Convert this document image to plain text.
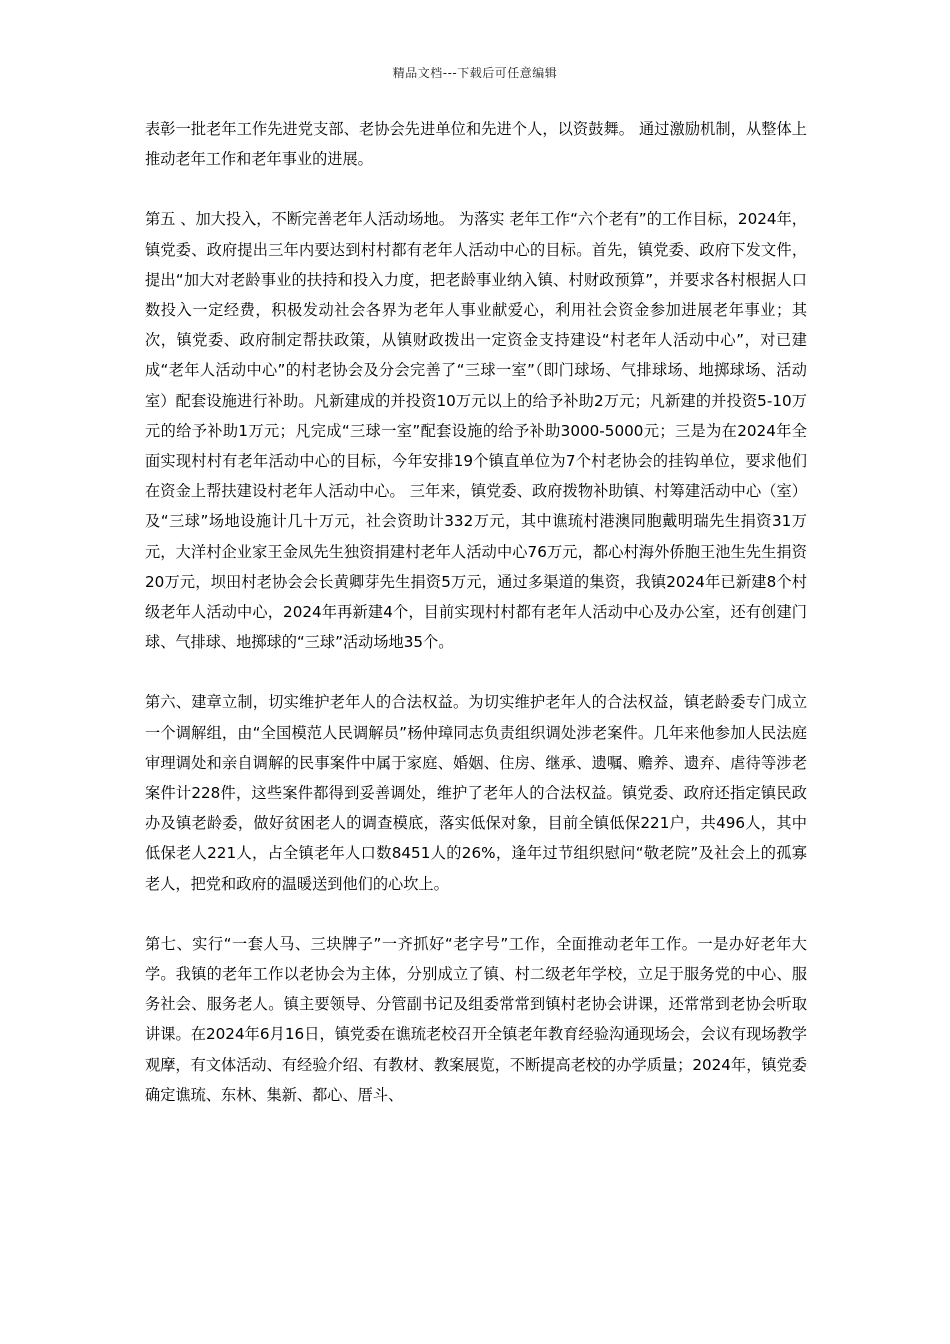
精品文档---下载后可任意编辑

表彰一批老年工作先进党支部、老协会先进单位和先进个人，以资鼓舞。 通过激励机制，从整体上推动老年工作和老年事业的进展。

第五 、加大投入，不断完善老年人活动场地。 为落实 老年工作“六个老有”的工作目标，2024年，镇党委、政府提出三年内要达到村村都有老年人活动中心的目标。首先，镇党委、政府下发文件，提出“加大对老龄事业的扶持和投入力度，把老龄事业纳入镇、村财政预算”，并要求各村根据人口数投入一定经费，积极发动社会各界为老年人事业献爱心，利用社会资金参加进展老年事业；其次，镇党委、政府制定帮扶政策，从镇财政拨出一定资金支持建设“村老年人活动中心”，对已建成“老年人活动中心”的村老协会及分会完善了“三球一室”（即门球场、气排球场、地掷球场、活动室）配套设施进行补助。凡新建成的并投资10万元以上的给予补助2万元；凡新建的并投资5-10万元的给予补助1万元；凡完成“三球一室”配套设施的给予补助3000-5000元；三是为在2024年全面实现村村有老年活动中心的目标，今年安排19个镇直单位为7个村老协会的挂钩单位，要求他们在资金上帮扶建设村老年人活动中心。 三年来，镇党委、政府拨物补助镇、村筹建活动中心（室）及“三球”场地设施计几十万元，社会资助计332万元，其中谯琉村港澳同胞戴明瑞先生捐资31万元，大洋村企业家王金凤先生独资捐建村老年人活动中心76万元，都心村海外侨胞王池生先生捐资20万元，坝田村老协会会长黄卿芽先生捐资5万元，通过多渠道的集资，我镇2024年已新建8个村级老年人活动中心，2024年再新建4个，目前实现村村都有老年人活动中心及办公室，还有创建门球、气排球、地掷球的“三球”活动场地35个。

第六、建章立制，切实维护老年人的合法权益。为切实维护老年人的合法权益，镇老龄委专门成立一个调解组，由“全国模范人民调解员”杨仲璋同志负责组织调处涉老案件。几年来他参加人民法庭审理调处和亲自调解的民事案件中属于家庭、婚姻、住房、继承、遗嘱、赡养、遗弃、虐待等涉老案件计228件，这些案件都得到妥善调处，维护了老年人的合法权益。镇党委、政府还指定镇民政办及镇老龄委，做好贫困老人的调查模底，落实低保对象，目前全镇低保221户，共496人，其中低保老人221人，占全镇老年人口数8451人的26%，逢年过节组织慰问“敬老院”及社会上的孤寡老人，把党和政府的温暖送到他们的心坎上。

第七、实行“一套人马、三块牌子”一齐抓好“老字号”工作，全面推动老年工作。一是办好老年大学。我镇的老年工作以老协会为主体，分别成立了镇、村二级老年学校，立足于服务党的中心、服务社会、服务老人。镇主要领导、分管副书记及组委常常到镇村老协会讲课，还常常到老协会听取讲课。在2024年6月16日，镇党委在谯琉老校召开全镇老年教育经验沟通现场会，会议有现场教学观摩，有文体活动、有经验介绍、有教材、教案展览，不断提高老校的办学质量；2024年，镇党委确定谯琉、东林、集新、都心、厝斗、
